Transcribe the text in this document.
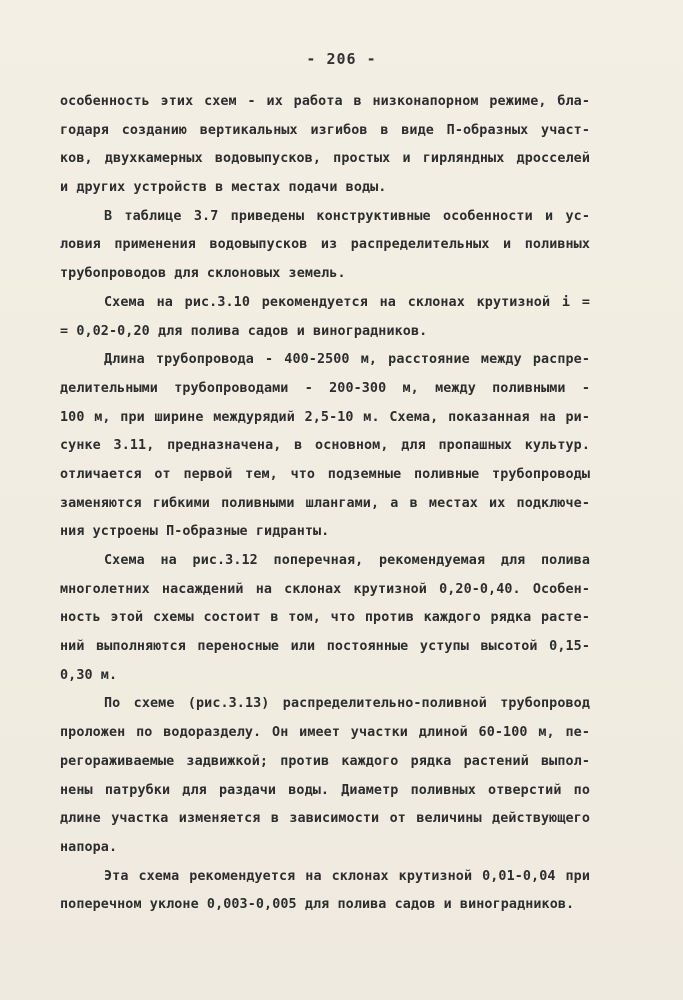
- 206 -
особенность этих схем - их работа в низконапорном режиме, бла-
годаря созданию вертикальных изгибов в виде П-образных участ-
ков, двухкамерных водовыпусков, простых и гирляндных дросселей
и других устройств в местах подачи воды.
В таблице 3.7 приведены конструктивные особенности и ус-
ловия применения водовыпусков из распределительных и поливных
трубопроводов для склоновых земель.
Схема на рис.3.10 рекомендуется на склонах крутизной i =
= 0,02-0,20 для полива садов и виноградников.
Длина трубопровода - 400-2500 м, расстояние между распре-
делительными трубопроводами - 200-300 м, между поливными -
100 м, при ширине междурядий 2,5-10 м. Схема, показанная на ри-
сунке 3.11, предназначена, в основном, для пропашных культур.
отличается от первой тем, что подземные поливные трубопроводы
заменяются гибкими поливными шлангами, а в местах их подключе-
ния устроены П-образные гидранты.
Схема на рис.3.12 поперечная, рекомендуемая для полива
многолетних насаждений на склонах крутизной 0,20-0,40. Особен-
ность этой схемы состоит в том, что против каждого рядка расте-
ний выполняются переносные или постоянные уступы высотой 0,15-
0,30 м.
По схеме (рис.3.13) распределительно-поливной трубопровод
проложен по водоразделу. Он имеет участки длиной 60-100 м, пе-
регораживаемые задвижкой; против каждого рядка растений выпол-
нены патрубки для раздачи воды. Диаметр поливных отверстий по
длине участка изменяется в зависимости от величины действующего
напора.
Эта схема рекомендуется на склонах крутизной 0,01-0,04 при
поперечном уклоне 0,003-0,005 для полива садов и виноградников.
